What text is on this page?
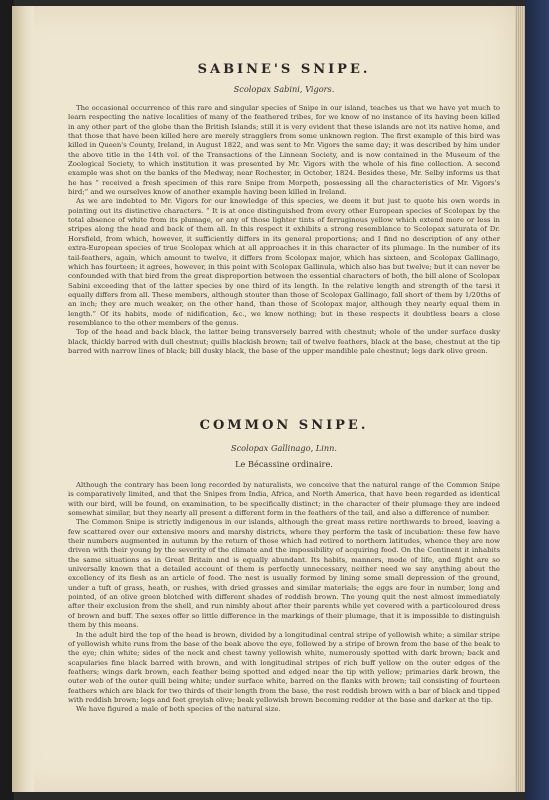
SABINE'S SNIPE.
Scolopax Sabini, Vigors.

The occasional occurrence of this rare and singular species of Snipe in our island, teaches us that we have yet much to learn respecting the native localities of many of the feathered tribes, for we know of no instance of its having been killed in any other part of the globe than the British Islands; still it is very evident that these islands are not its native home, and that those that have been killed here are merely stragglers from some unknown region. The first example of this bird was killed in Queen's County, Ireland, in August 1822, and was sent to Mr. Vigors the same day; it was described by him under the above title in the 14th vol. of the Transactions of the Linnean Society, and is now contained in the Museum of the Zoological Society, to which institution it was presented by Mr. Vigors with the whole of his fine collection. A second example was shot on the banks of the Medway, near Rochester, in October, 1824. Besides these, Mr. Selby informs us that he has “ received a fresh specimen of this rare Snipe from Morpeth, possessing all the characteristics of Mr. Vigors's bird;” and we ourselves know of another example having been killed in Ireland.

As we are indebted to Mr. Vigors for our knowledge of this species, we deem it but just to quote his own words in pointing out its distinctive characters. “ It is at once distinguished from every other European species of Scolopax by the total absence of white from its plumage, or any of those lighter tints of ferruginous yellow which extend more or less in stripes along the head and back of them all. In this respect it exhibits a strong resemblance to Scolopax saturata of Dr. Horsfield, from which, however, it sufficiently differs in its general proportions; and I find no description of any other extra-European species of true Scolopax which at all approaches it in this character of its plumage. In the number of its tail-feathers, again, which amount to twelve, it differs from Scolopax major, which has sixteen, and Scolopax Gallinago, which has fourteen; it agrees, however, in this point with Scolopax Gallinula, which also has but twelve; but it can never be confounded with that bird from the great disproportion between the essential characters of both, the bill alone of Scolopax Sabini exceeding that of the latter species by one third of its length. In the relative length and strength of the tarsi it equally differs from all. These members, although stouter than those of Scolopax Gallinago, fall short of them by 1/20ths of an inch; they are much weaker, on the other hand, than those of Scolopax major, although they nearly equal them in length.” Of its habits, mode of nidification, &c., we know nothing; but in these respects it doubtless bears a close resemblance to the other members of the genus.

Top of the head and back black, the latter being transversely barred with chestnut; whole of the under surface dusky black, thickly barred with dull chestnut; quills blackish brown; tail of twelve feathers, black at the base, chestnut at the tip barred with narrow lines of black; bill dusky black, the base of the upper mandible pale chestnut; legs dark olive green.

COMMON SNIPE.
Scolopax Gallinago, Linn.
Le Bécassine ordinaire.

Although the contrary has been long recorded by naturalists, we conceive that the natural range of the Common Snipe is comparatively limited, and that the Snipes from India, Africa, and North America, that have been regarded as identical with our bird, will be found, on examination, to be specifically distinct; in the character of their plumage they are indeed somewhat similar, but they nearly all present a different form in the feathers of the tail, and also a difference of number.

The Common Snipe is strictly indigenous in our islands, although the great mass retire northwards to breed, leaving a few scattered over our extensive moors and marshy districts, where they perform the task of incubation: these few have their numbers augmented in autumn by the return of those which had retired to northern latitudes, whence they are now driven with their young by the severity of the climate and the impossibility of acquiring food. On the Continent it inhabits the same situations as in Great Britain and is equally abundant. Its habits, manners, mode of life, and flight are so universally known that a detailed account of them is perfectly unnecessary, neither need we say anything about the excellency of its flesh as an article of food. The nest is usually formed by lining some small depression of the ground, under a tuft of grass, heath, or rushes, with dried grasses and similar materials; the eggs are four in number, long and pointed, of an olive green blotched with different shades of reddish brown. The young quit the nest almost immediately after their exclusion from the shell, and run nimbly about after their parents while yet covered with a particoloured dress of brown and buff. The sexes offer so little difference in the markings of their plumage, that it is impossible to distinguish them by this means.

In the adult bird the top of the head is brown, divided by a longitudinal central stripe of yellowish white; a similar stripe of yellowish white runs from the base of the beak above the eye, followed by a stripe of brown from the base of the beak to the eye; chin white; sides of the neck and chest tawny yellowish white, numerously spotted with dark brown; back and scapularies fine black barred with brown, and with longitudinal stripes of rich buff yellow on the outer edges of the feathers; wings dark brown, each feather being spotted and edged near the tip with yellow; primaries dark brown, the outer web of the outer quill being white; under surface white, barred on the flanks with brown; tail consisting of fourteen feathers which are black for two thirds of their length from the base, the rest reddish brown with a bar of black and tipped with reddish brown; legs and feet greyish olive; beak yellowish brown becoming redder at the base and darker at the tip.

We have figured a male of both species of the natural size.
